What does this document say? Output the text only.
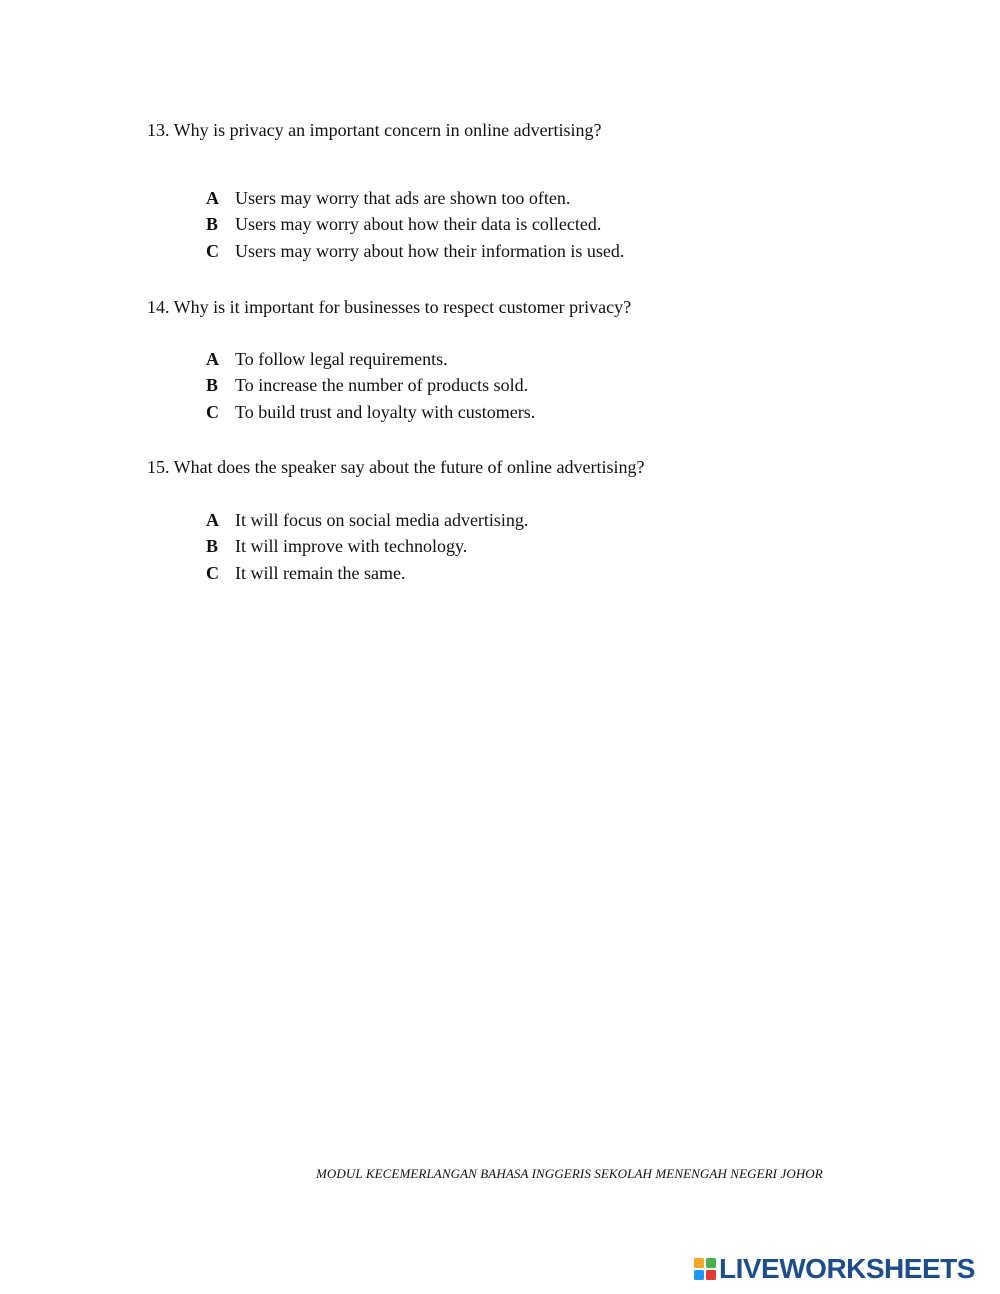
13. Why is privacy an important concern in online advertising?
A Users may worry that ads are shown too often.
B Users may worry about how their data is collected.
C Users may worry about how their information is used.
14. Why is it important for businesses to respect customer privacy?
A To follow legal requirements.
B To increase the number of products sold.
C To build trust and loyalty with customers.
15. What does the speaker say about the future of online advertising?
A It will focus on social media advertising.
B It will improve with technology.
C It will remain the same.
MODUL KECEMERLANGAN BAHASA INGGERIS SEKOLAH MENENGAH NEGERI JOHOR
LIVEWORKSHEETS
